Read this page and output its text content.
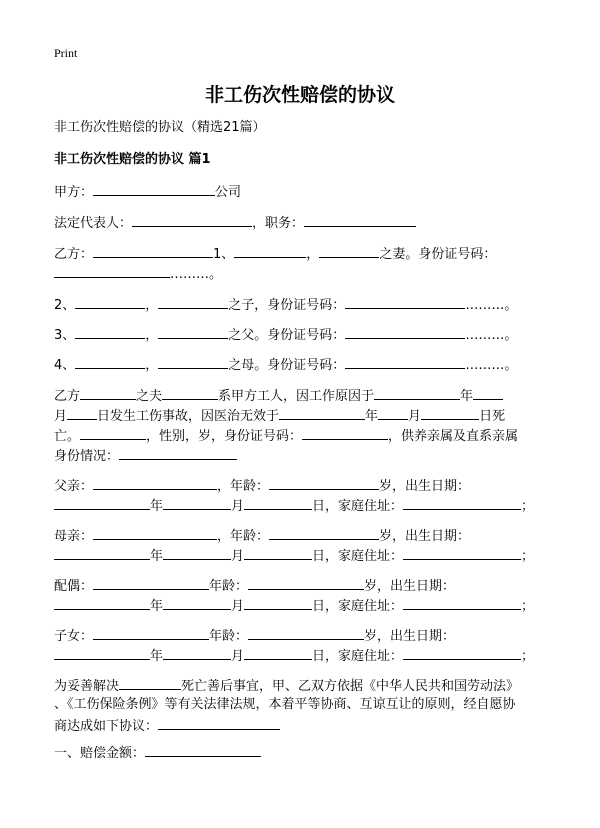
Print
非工伤次性赔偿的协议
非工伤次性赔偿的协议（精选21篇）
非工伤次性赔偿的协议 篇1
甲方：	公司
法定代表人：	，职务：
乙方：	1、	，	之妻。身份证号码：
………。
2、	，	之子，身份证号码：	………。
3、	，	之父。身份证号码：	………。
4、	，	之母。身份证号码：	………。
乙方	之夫	系甲方工人，因工作原因于	年
月 日发生工伤事故，因医治无效于	年 月	日死
亡。	，性别，岁，身份证号码：	，供养亲属及直系亲属
身份情况：
父亲：	，年龄：	岁，出生日期：
年	月	日，家庭住址：	；
母亲：	，年龄：	岁，出生日期：
年	月	日，家庭住址：	；
配偶：	年龄：	岁，出生日期：
年	月	日，家庭住址：	；
子女：	年龄：	岁，出生日期：
年	月	日，家庭住址：	；
为妥善解决	死亡善后事宜，甲、乙双方依据《中华人民共和国劳动法》
、《工伤保险条例》等有关法律法规，本着平等协商、互谅互让的原则，经自愿协
商达成如下协议：
一、赔偿金额：
